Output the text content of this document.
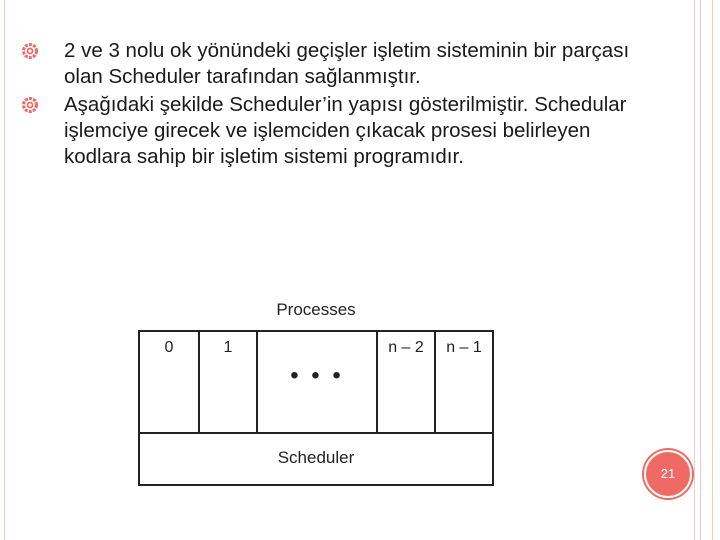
2 ve 3 nolu ok yönündeki geçişler işletim sisteminin bir parçası olan Scheduler tarafından sağlanmıştır.
Aşağıdaki şekilde Scheduler’in yapısı gösterilmiştir. Schedular işlemciye girecek ve işlemciden çıkacak prosesi belirleyen kodlara sahip bir işletim sistemi programıdır.
Processes
0	1
• • •
n – 2	n – 1
Scheduler
21
